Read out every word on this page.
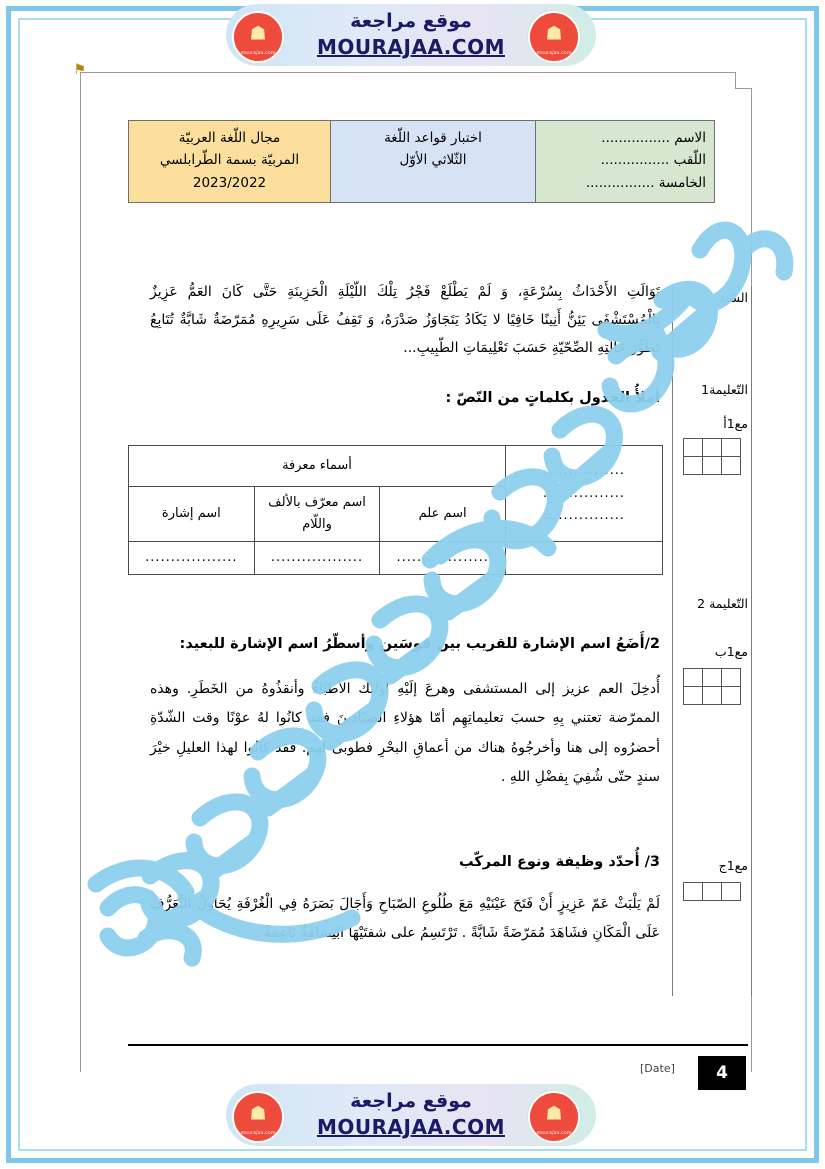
⚑
موقع مراجعة
MOURAJAA.COM
☗
mourajaa.com
☗
mourajaa.com
الاسم ................
اللّقب ................
الخامسة ................

اختبار قواعد اللّغة
الثّلاثي الأوّل

مجال اللّغة العربيّة
المربيّة بسمة الطّرابلسي
2023/2022
السّند
التّعليمة1
مع1أ

التّعليمة 2
مع1ب

مع1ج

تَوَالَتِ الأَحْدَاثُ بِسُرْعَةٍ، وَ لَمْ يَطْلَعْ فَجْرُ تِلْكَ اللّيْلَةِ الْحَزِينَةِ حَتَّى كَانَ العَمُّ عَزِيزٌ بِالْمُسْتَشْفَى يَئِنُّ أَنِينًا خَافِيًا لا يَكَادُ يَتَجَاوَزُ صَدْرَهُ، وَ تَقِفُ عَلَى سَرِيرِهِ مُمَرّضَةٌ شَابَّةٌ تُتَابِعُ تَطَوُّرَ حَالَتِهِ الصِّحّيّةِ حَسَبَ تَعْلِيمَاتِ الطّبِيبِ...
أملأُ الجدول بكلماتٍ من النّصّ :
................
................
................	أسماء معرفة	
	اسم علم	اسم معرّف بالألف واللّام	اسم إشارة
	..................	..................	..................
2/أَضَعُ اسم الإشارة للقريب بين قوسَين وأسطّرُ اسم الإشارة للبعيد:
أُدخِلَ العم عزيز إلى المستشفى وهرعَ إلَيْهِ أولئك الأطبّاءُ وأنقذُوهُ من الخَطَرِ. وهذه الممرّضة تعتني بِهِ حسبَ تعليماتِهِم أمّا هؤلاءِ الصيّادينَ فقد كانُوا لهُ عوْنًا وقت الشّدّةِ أحضرُوه إلى هنا وأخرجُوهُ هناك من أعماقِ البحْرِ فطوبى لهم. فقد كانُوا لهذا العليلِ خيْرَ سندٍ حتّى شُفِيَ بِفضْلِ اللهِ .
3/ أُحدّد وظيفة ونوع المركّب
لَمْ يَلْبَثْ عَمّ عَزِيزٍ أَنْ فَتَحَ عَيْنَيْهِ مَعَ طُلُوعِ الصّبَاحِ وَأَجَالَ بَصَرَهُ فِي الْغُرْفَةِ يُحَاوِلُ التَّعَرُّفَ عَلَى الْمَكَانِ فشَاهَدَ مُمَرّضَةً شَابَّةً . تَرْتَسِمُ على شفتَيْهَا ابْتِسَامَةٌ نَاعِمَةٌ .
[Date]	4
موقع مراجعة
MOURAJAA.COM
☗
mourajaa.com
☗
mourajaa.com
